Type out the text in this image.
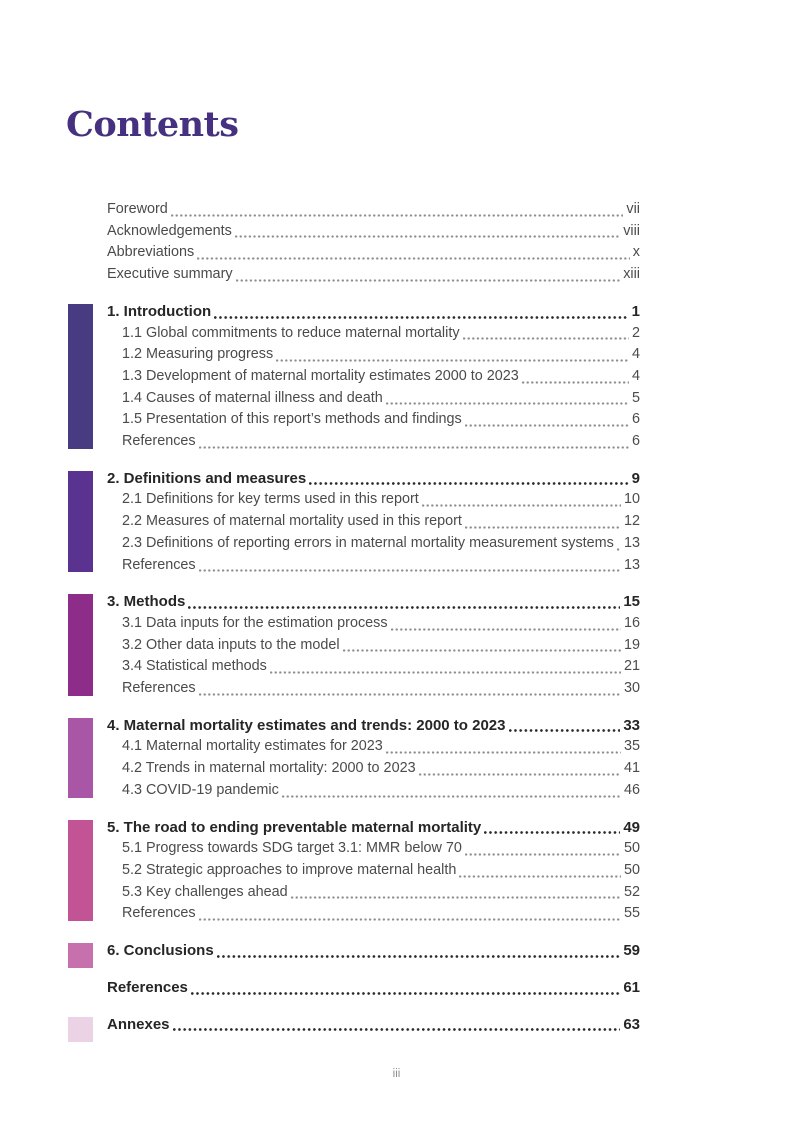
Contents
Foreword	vii
Acknowledgements	viii
Abbreviations	x
Executive summary	xiii
1. Introduction	1
1.1 Global commitments to reduce maternal mortality	2
1.2 Measuring progress	4
1.3 Development of maternal mortality estimates 2000 to 2023	4
1.4 Causes of maternal illness and death	5
1.5 Presentation of this report’s methods and findings	6
References	6
2. Definitions and measures	9
2.1 Definitions for key terms used in this report	10
2.2 Measures of maternal mortality used in this report	12
2.3 Definitions of reporting errors in maternal mortality measurement systems 13
References	13
3. Methods	15
3.1 Data inputs for the estimation process	16
3.2 Other data inputs to the model	19
3.4 Statistical methods	21
References	30
4. Maternal mortality estimates and trends: 2000 to 2023	33
4.1 Maternal mortality estimates for 2023	35
4.2 Trends in maternal mortality: 2000 to 2023	41
4.3 COVID-19 pandemic	46
5. The road to ending preventable maternal mortality	49
5.1 Progress towards SDG target 3.1: MMR below 70	50
5.2 Strategic approaches to improve maternal health	50
5.3 Key challenges ahead	52
References	55
6. Conclusions	59
References	61
Annexes	63
iii
